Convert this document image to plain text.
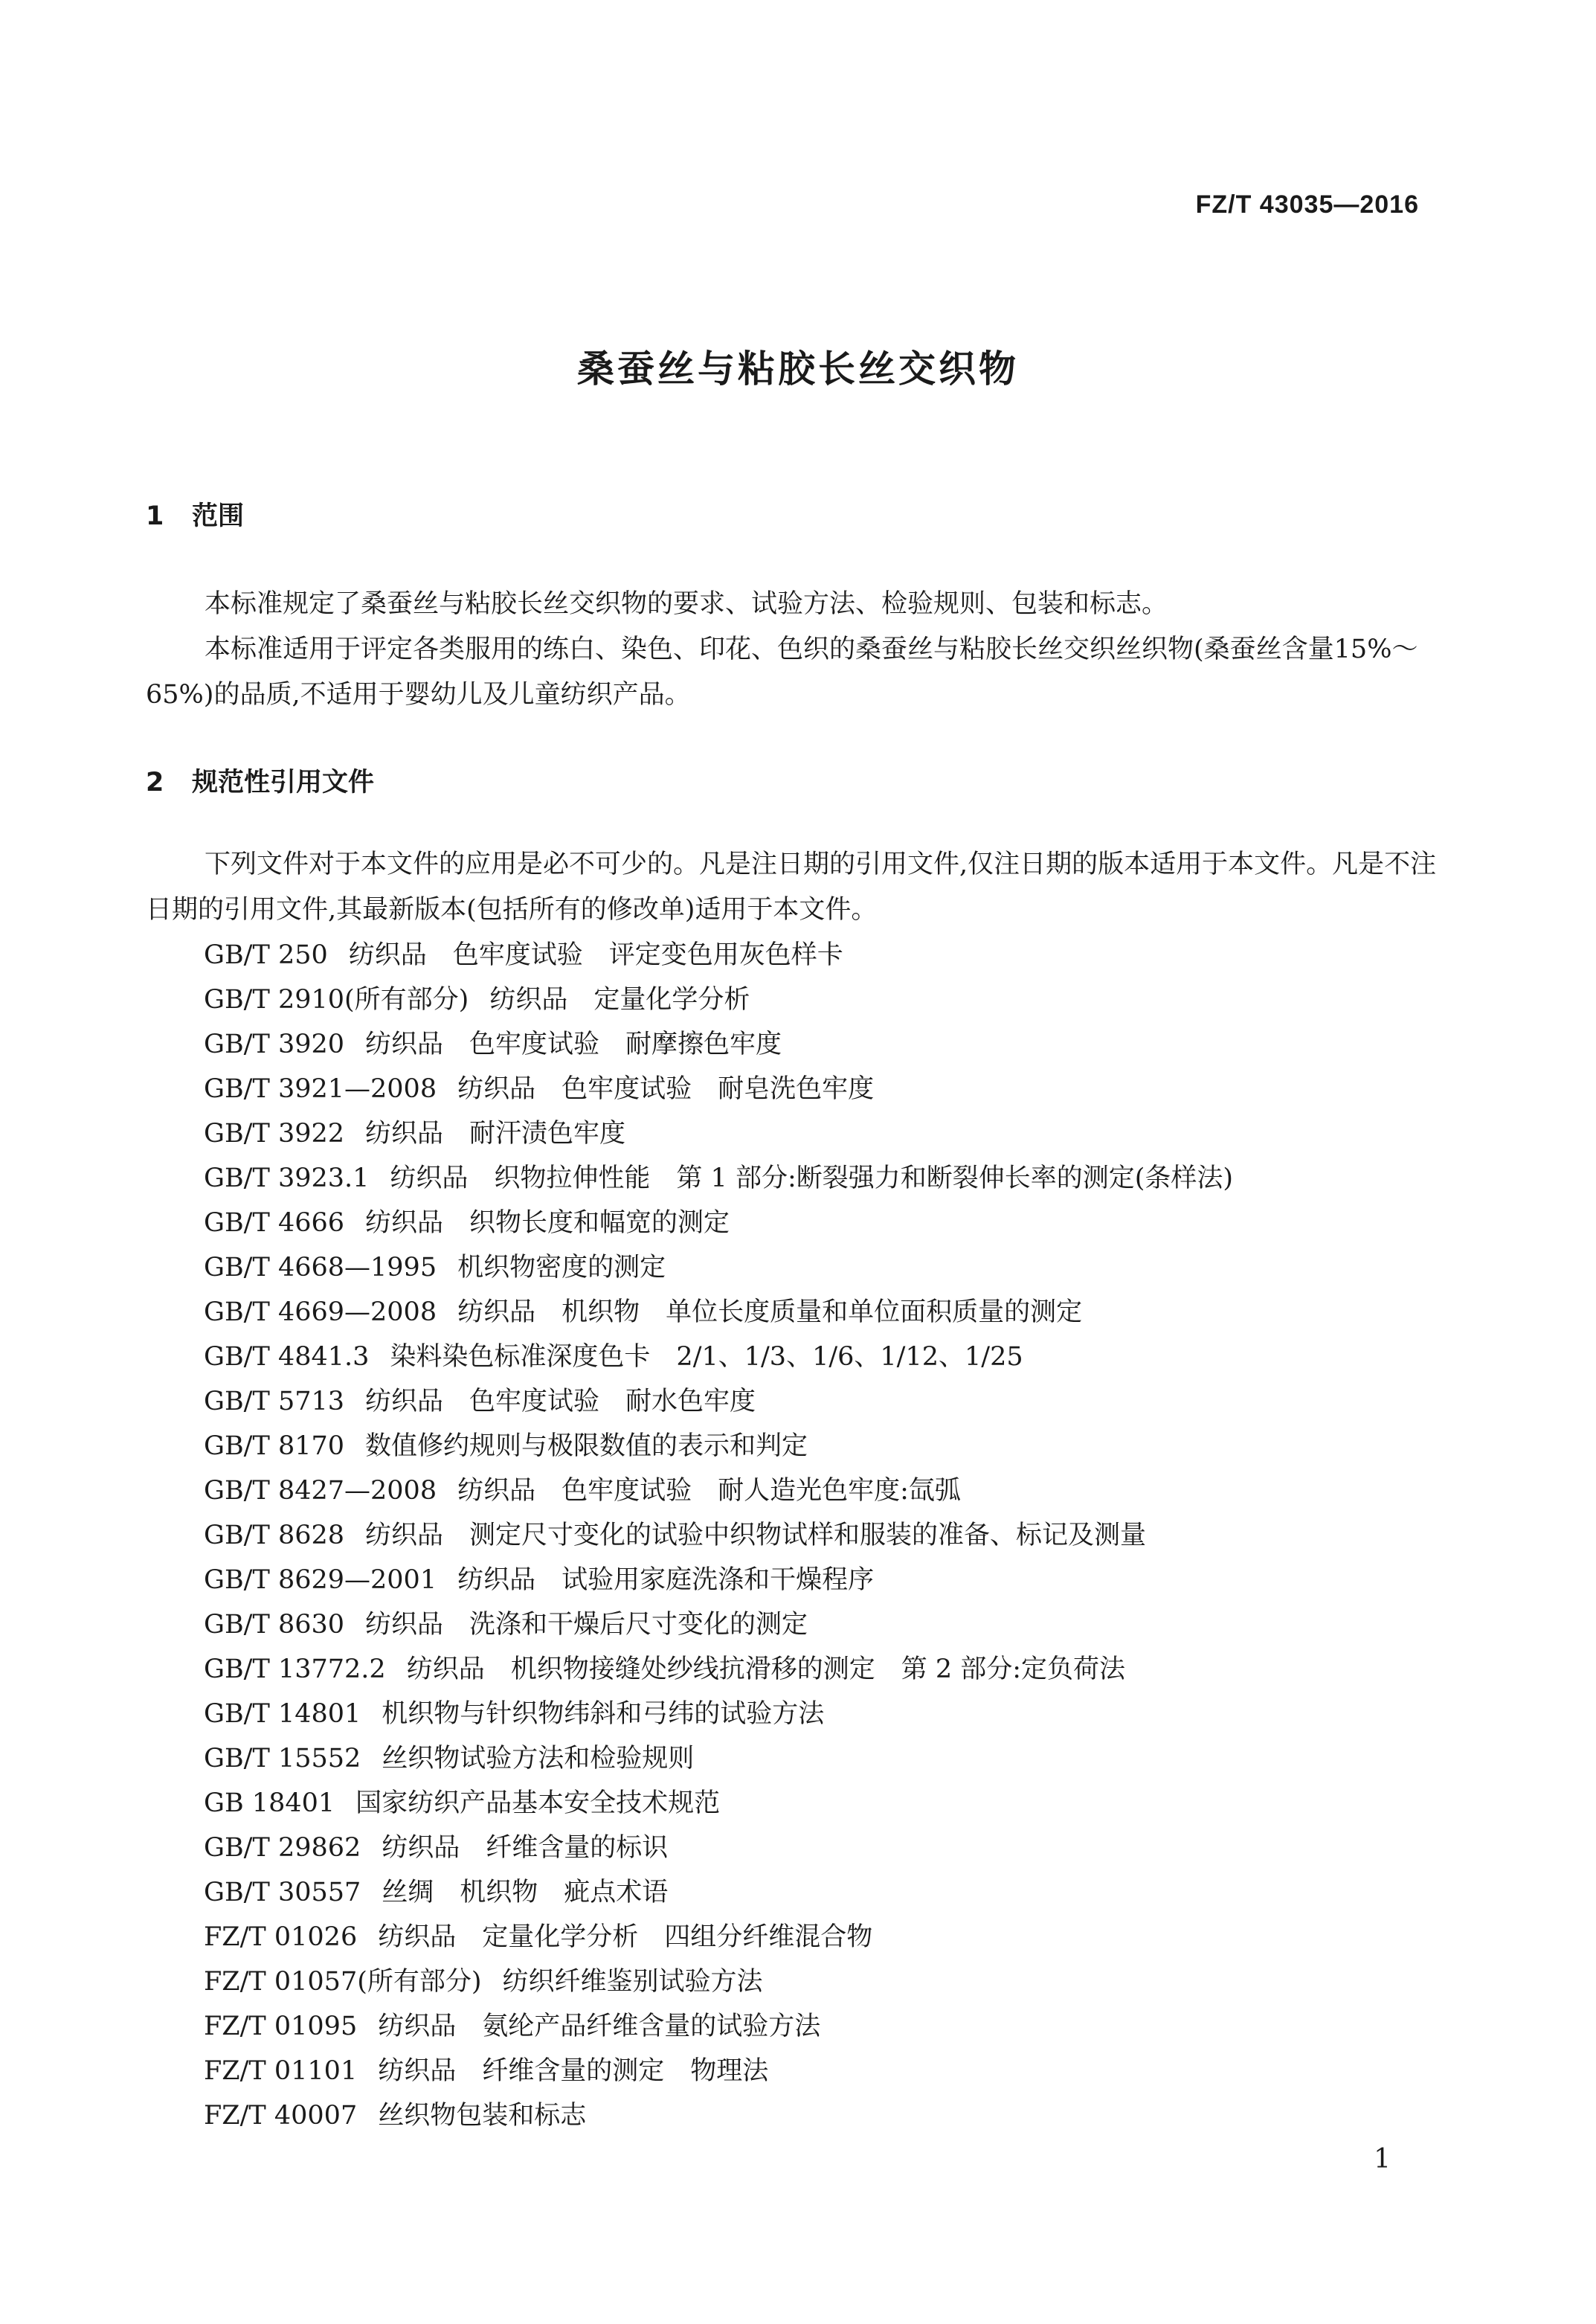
FZ/T 43035—2016
桑蚕丝与粘胶长丝交织物
1 范围

本标准规定了桑蚕丝与粘胶长丝交织物的要求、试验方法、检验规则、包装和标志。

本标准适用于评定各类服用的练白、染色、印花、色织的桑蚕丝与粘胶长丝交织丝织物(桑蚕丝含量15%～65%)的品质,不适用于婴幼儿及儿童纺织产品。

2 规范性引用文件

下列文件对于本文件的应用是必不可少的。凡是注日期的引用文件,仅注日期的版本适用于本文件。凡是不注日期的引用文件,其最新版本(包括所有的修改单)适用于本文件。

GB/T 250 纺织品　色牢度试验　评定变色用灰色样卡
GB/T 2910(所有部分) 纺织品　定量化学分析
GB/T 3920 纺织品　色牢度试验　耐摩擦色牢度
GB/T 3921—2008 纺织品　色牢度试验　耐皂洗色牢度
GB/T 3922 纺织品　耐汗渍色牢度
GB/T 3923.1 纺织品　织物拉伸性能　第 1 部分:断裂强力和断裂伸长率的测定(条样法)
GB/T 4666 纺织品　织物长度和幅宽的测定
GB/T 4668—1995 机织物密度的测定
GB/T 4669—2008 纺织品　机织物　单位长度质量和单位面积质量的测定
GB/T 4841.3 染料染色标准深度色卡　2/1、1/3、1/6、1/12、1/25
GB/T 5713 纺织品　色牢度试验　耐水色牢度
GB/T 8170 数值修约规则与极限数值的表示和判定
GB/T 8427—2008 纺织品　色牢度试验　耐人造光色牢度:氙弧
GB/T 8628 纺织品　测定尺寸变化的试验中织物试样和服装的准备、标记及测量
GB/T 8629—2001 纺织品　试验用家庭洗涤和干燥程序
GB/T 8630 纺织品　洗涤和干燥后尺寸变化的测定
GB/T 13772.2 纺织品　机织物接缝处纱线抗滑移的测定　第 2 部分:定负荷法
GB/T 14801 机织物与针织物纬斜和弓纬的试验方法
GB/T 15552 丝织物试验方法和检验规则
GB 18401 国家纺织产品基本安全技术规范
GB/T 29862 纺织品　纤维含量的标识
GB/T 30557 丝绸　机织物　疵点术语
FZ/T 01026 纺织品　定量化学分析　四组分纤维混合物
FZ/T 01057(所有部分) 纺织纤维鉴别试验方法
FZ/T 01095 纺织品　氨纶产品纤维含量的试验方法
FZ/T 01101 纺织品　纤维含量的测定　物理法
FZ/T 40007 丝织物包装和标志
1
